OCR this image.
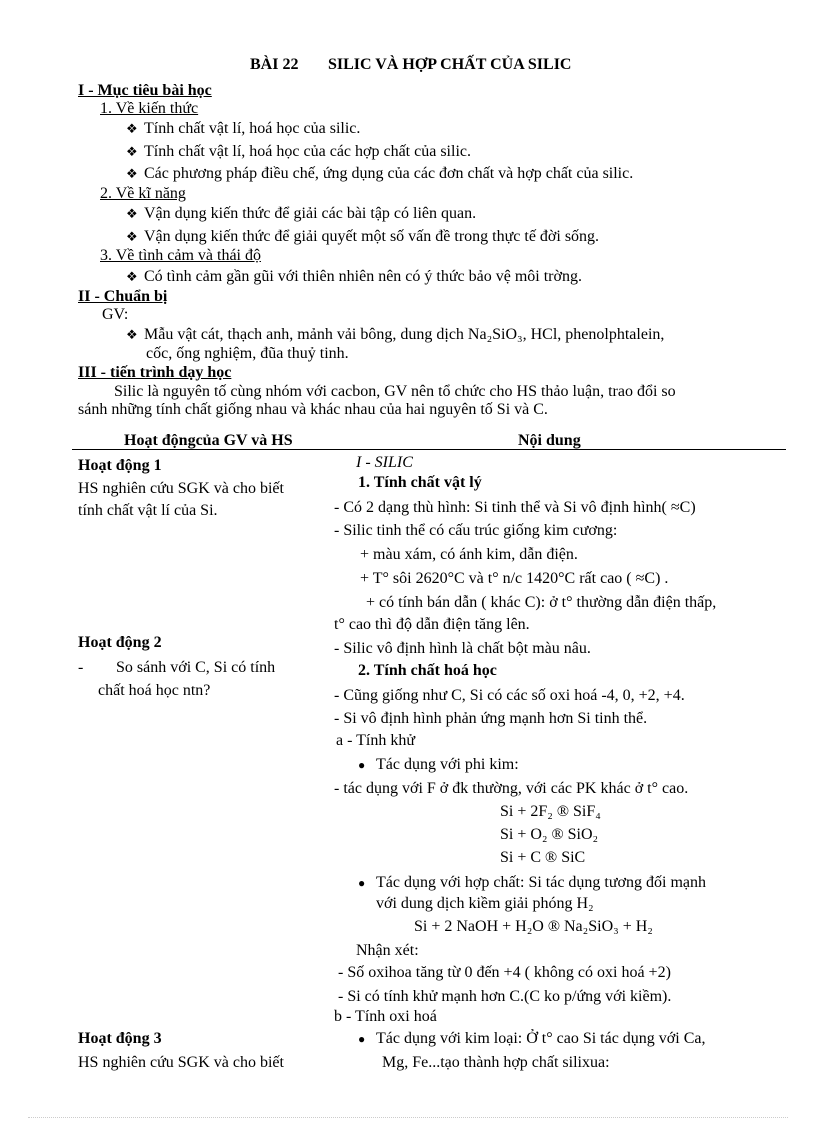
BÀI 22 SILIC VÀ HỢP CHẤT CỦA SILIC
I - Mục tiêu bài học
1. Về kiến thức
❖ Tính chất vật lí, hoá học của silic.
❖ Tính chất vật lí, hoá học của các hợp chất của silic.
❖ Các phương pháp điều chế, ứng dụng của các đơn chất và hợp chất của silic.
2. Về kĩ năng
❖ Vận dụng kiến thức để giải các bài tập có liên quan.
❖ Vận dụng kiến thức để giải quyết một số vấn đề trong thực tế đời sống.
3. Về tình cảm và thái độ
❖ Có tình cảm gần gũi với thiên nhiên nên có ý thức bảo vệ môi trờng.
II - Chuẩn bị
GV:
❖ Mẫu vật cát, thạch anh, mảnh vải bông, dung dịch Na₂SiO₃, HCl, phenolphtalein,
cốc, ống nghiệm, đũa thuỷ tinh.
III - tiến trình dạy học
Silic là nguyên tố cùng nhóm với cacbon, GV nên tổ chức cho HS thảo luận, trao đổi so
sánh những tính chất giống nhau và khác nhau của hai nguyên tố Si và C.
Hoạt độngcủa GV và HS	Nội dung
Hoạt động 1
HS nghiên cứu SGK và cho biết
tính chất vật lí của Si.
Hoạt động 2
- So sánh với C, Si có tính
chất hoá học ntn?
Hoạt động 3
HS nghiên cứu SGK và cho biết
I - SILIC
1. Tính chất vật lý
- Có 2 dạng thù hình: Si tinh thể và Si vô định hình( ≈C)
- Silic tinh thể có cấu trúc giống kim cương:
+ màu xám, có ánh kim, dẫn điện.
+ T° sôi 2620°C và t° n/c 1420°C rất cao ( ≈C) .
+ có tính bán dẫn ( khác C): ở t° thường dẫn điện thấp,
t° cao thì độ dẫn điện tăng lên.
- Silic vô định hình là chất bột màu nâu.
2. Tính chất hoá học
- Cũng giống như C, Si có các số oxi hoá -4, 0, +2, +4.
- Si vô định hình phản ứng mạnh hơn Si tinh thể.
a - Tính khử
● Tác dụng với phi kim:
- tác dụng với F ở đk thường, với các PK khác ở t° cao.
Si + 2F₂ ® SiF₄
Si + O₂ ® SiO₂
Si + C ® SiC
● Tác dụng với hợp chất: Si tác dụng tương đối mạnh
với dung dịch kiềm giải phóng H₂
Si + 2 NaOH + H₂O ® Na₂SiO₃ + H₂
Nhận xét:
- Số oxihoa tăng từ 0 đến +4 ( không có oxi hoá +2)
- Si có tính khử mạnh hơn C.(C ko p/ứng với kiềm).
b - Tính oxi hoá
● Tác dụng với kim loại: Ở t° cao Si tác dụng với Ca,
Mg, Fe...tạo thành hợp chất silixua:
